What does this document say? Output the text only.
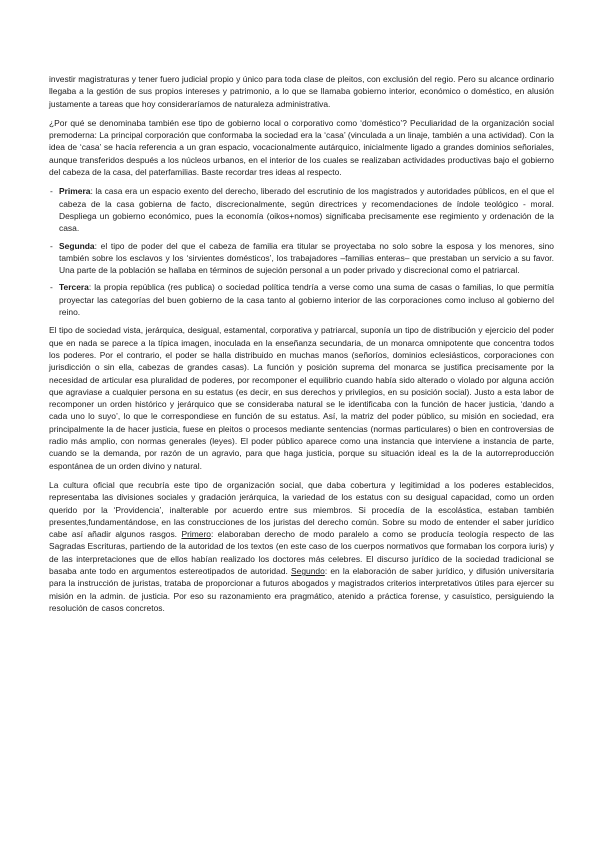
investir magistraturas y tener fuero judicial propio y único para toda clase de pleitos, con exclusión del regio. Pero su alcance ordinario llegaba a la gestión de sus propios intereses y patrimonio, a lo que se llamaba gobierno interior, económico o doméstico, en alusión justamente a tareas que hoy consideraríamos de naturaleza administrativa.

¿Por qué se denominaba también ese tipo de gobierno local o corporativo como ‘doméstico’? Peculiaridad de la organización social premoderna: La principal corporación que conformaba la sociedad era la ‘casa’ (vinculada a un linaje, también a una actividad). Con la idea de ‘casa’ se hacía referencia a un gran espacio, vocacionalmente autárquico, inicialmente ligado a grandes dominios señoriales, aunque transferidos después a los núcleos urbanos, en el interior de los cuales se realizaban actividades productivas bajo el gobierno del cabeza de la casa, del paterfamilias. Baste recordar tres ideas al respecto.

- Primera: la casa era un espacio exento del derecho, liberado del escrutinio de los magistrados y autoridades públicos, en el que el cabeza de la casa gobierna de facto, discrecionalmente, según directrices y recomendaciones de índole teológico - moral. Despliega un gobierno económico, pues la economía (oikos+nomos) significaba precisamente ese regimiento y ordenación de la casa.
- Segunda: el tipo de poder del que el cabeza de familia era titular se proyectaba no solo sobre la esposa y los menores, sino también sobre los esclavos y los ‘sirvientes domésticos’, los trabajadores –familias enteras– que prestaban un servicio a su favor. Una parte de la población se hallaba en términos de sujeción personal a un poder privado y discrecional como el patriarcal.
- Tercera: la propia república (res publica) o sociedad política tendría a verse como una suma de casas o familias, lo que permitía proyectar las categorías del buen gobierno de la casa tanto al gobierno interior de las corporaciones como incluso al gobierno del reino.

El tipo de sociedad vista, jerárquica, desigual, estamental, corporativa y patriarcal, suponía un tipo de distribución y ejercicio del poder que en nada se parece a la típica imagen, inoculada en la enseñanza secundaria, de un monarca omnipotente que concentra todos los poderes. Por el contrario, el poder se halla distribuido en muchas manos (señoríos, dominios eclesiásticos, corporaciones con jurisdicción o sin ella, cabezas de grandes casas). La función y posición suprema del monarca se justifica precisamente por la necesidad de articular esa pluralidad de poderes, por recomponer el equilibrio cuando había sido alterado o violado por alguna acción que agraviase a cualquier persona en su estatus (es decir, en sus derechos y privilegios, en su posición social). Justo a esta labor de recomponer un orden histórico y jerárquico que se consideraba natural se le identificaba con la función de hacer justicia, ‘dando a cada uno lo suyo’, lo que le correspondiese en función de su estatus. Así, la matriz del poder público, su misión en sociedad, era principalmente la de hacer justicia, fuese en pleitos o procesos mediante sentencias (normas particulares) o bien en controversias de radio más amplio, con normas generales (leyes). El poder público aparece como una instancia que interviene a instancia de parte, cuando se la demanda, por razón de un agravio, para que haga justicia, porque su situación ideal es la de la autorreproducción espontánea de un orden divino y natural.

La cultura oficial que recubría este tipo de organización social, que daba cobertura y legitimidad a los poderes establecidos, representaba las divisiones sociales y gradación jerárquica, la variedad de los estatus con su desigual capacidad, como un orden querido por la ‘Providencia’, inalterable por acuerdo entre sus miembros. Si procedía de la escolástica, estaban también presentes,fundamentándose, en las construcciones de los juristas del derecho común. Sobre su modo de entender el saber jurídico cabe así añadir algunos rasgos. Primero: elaboraban derecho de modo paralelo a como se producía teología respecto de las Sagradas Escrituras, partiendo de la autoridad de los textos (en este caso de los cuerpos normativos que formaban los corpora iuris) y de las interpretaciones que de ellos habían realizado los doctores más celebres. El discurso jurídico de la sociedad tradicional se basaba ante todo en argumentos estereotipados de autoridad. Segundo: en la elaboración de saber jurídico, y difusión universitaria para la instrucción de juristas, trataba de proporcionar a futuros abogados y magistrados criterios interpretativos útiles para ejercer su misión en la admin. de justicia. Por eso su razonamiento era pragmático, atenido a práctica forense, y casuístico, persiguiendo la resolución de casos concretos.
